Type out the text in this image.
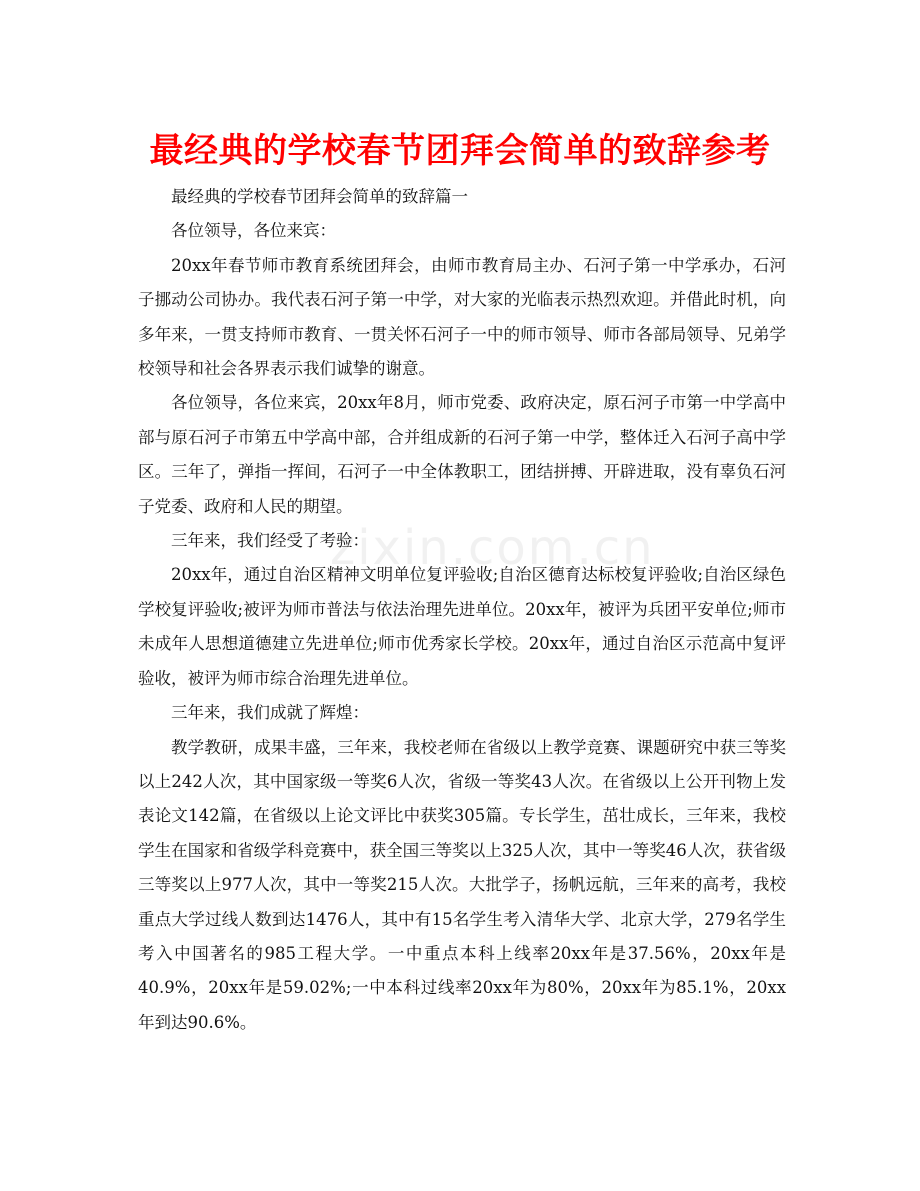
zixin.com.cn
最经典的学校春节团拜会简单的致辞参考

最经典的学校春节团拜会简单的致辞篇一

各位领导，各位来宾：

20xx年春节师市教育系统团拜会，由师市教育局主办、石河子第一中学承办，石河子挪动公司协办。我代表石河子第一中学，对大家的光临表示热烈欢迎。并借此时机，向多年来，一贯支持师市教育、一贯关怀石河子一中的师市领导、师市各部局领导、兄弟学校领导和社会各界表示我们诚挚的谢意。

各位领导，各位来宾，20xx年8月，师市党委、政府决定，原石河子市第一中学高中部与原石河子市第五中学高中部，合并组成新的石河子第一中学，整体迁入石河子高中学区。三年了，弹指一挥间，石河子一中全体教职工，团结拼搏、开辟进取，没有辜负石河子党委、政府和人民的期望。

三年来，我们经受了考验：

20xx年，通过自治区精神文明单位复评验收;自治区德育达标校复评验收;自治区绿色学校复评验收;被评为师市普法与依法治理先进单位。20xx年，被评为兵团平安单位;师市未成年人思想道德建立先进单位;师市优秀家长学校。20xx年，通过自治区示范高中复评验收，被评为师市综合治理先进单位。

三年来，我们成就了辉煌：

教学教研，成果丰盛，三年来，我校老师在省级以上教学竞赛、课题研究中获三等奖以上242人次，其中国家级一等奖6人次，省级一等奖43人次。在省级以上公开刊物上发表论文142篇，在省级以上论文评比中获奖305篇。专长学生，茁壮成长，三年来，我校学生在国家和省级学科竞赛中，获全国三等奖以上325人次，其中一等奖46人次，获省级三等奖以上977人次，其中一等奖215人次。大批学子，扬帆远航，三年来的高考，我校重点大学过线人数到达1476人，其中有15名学生考入清华大学、北京大学，279名学生考入中国著名的985工程大学。一中重点本科上线率20xx年是37.56%，20xx年是40.9%，20xx年是59.02%;一中本科过线率20xx年为80%，20xx年为85.1%，20xx年到达90.6%。
